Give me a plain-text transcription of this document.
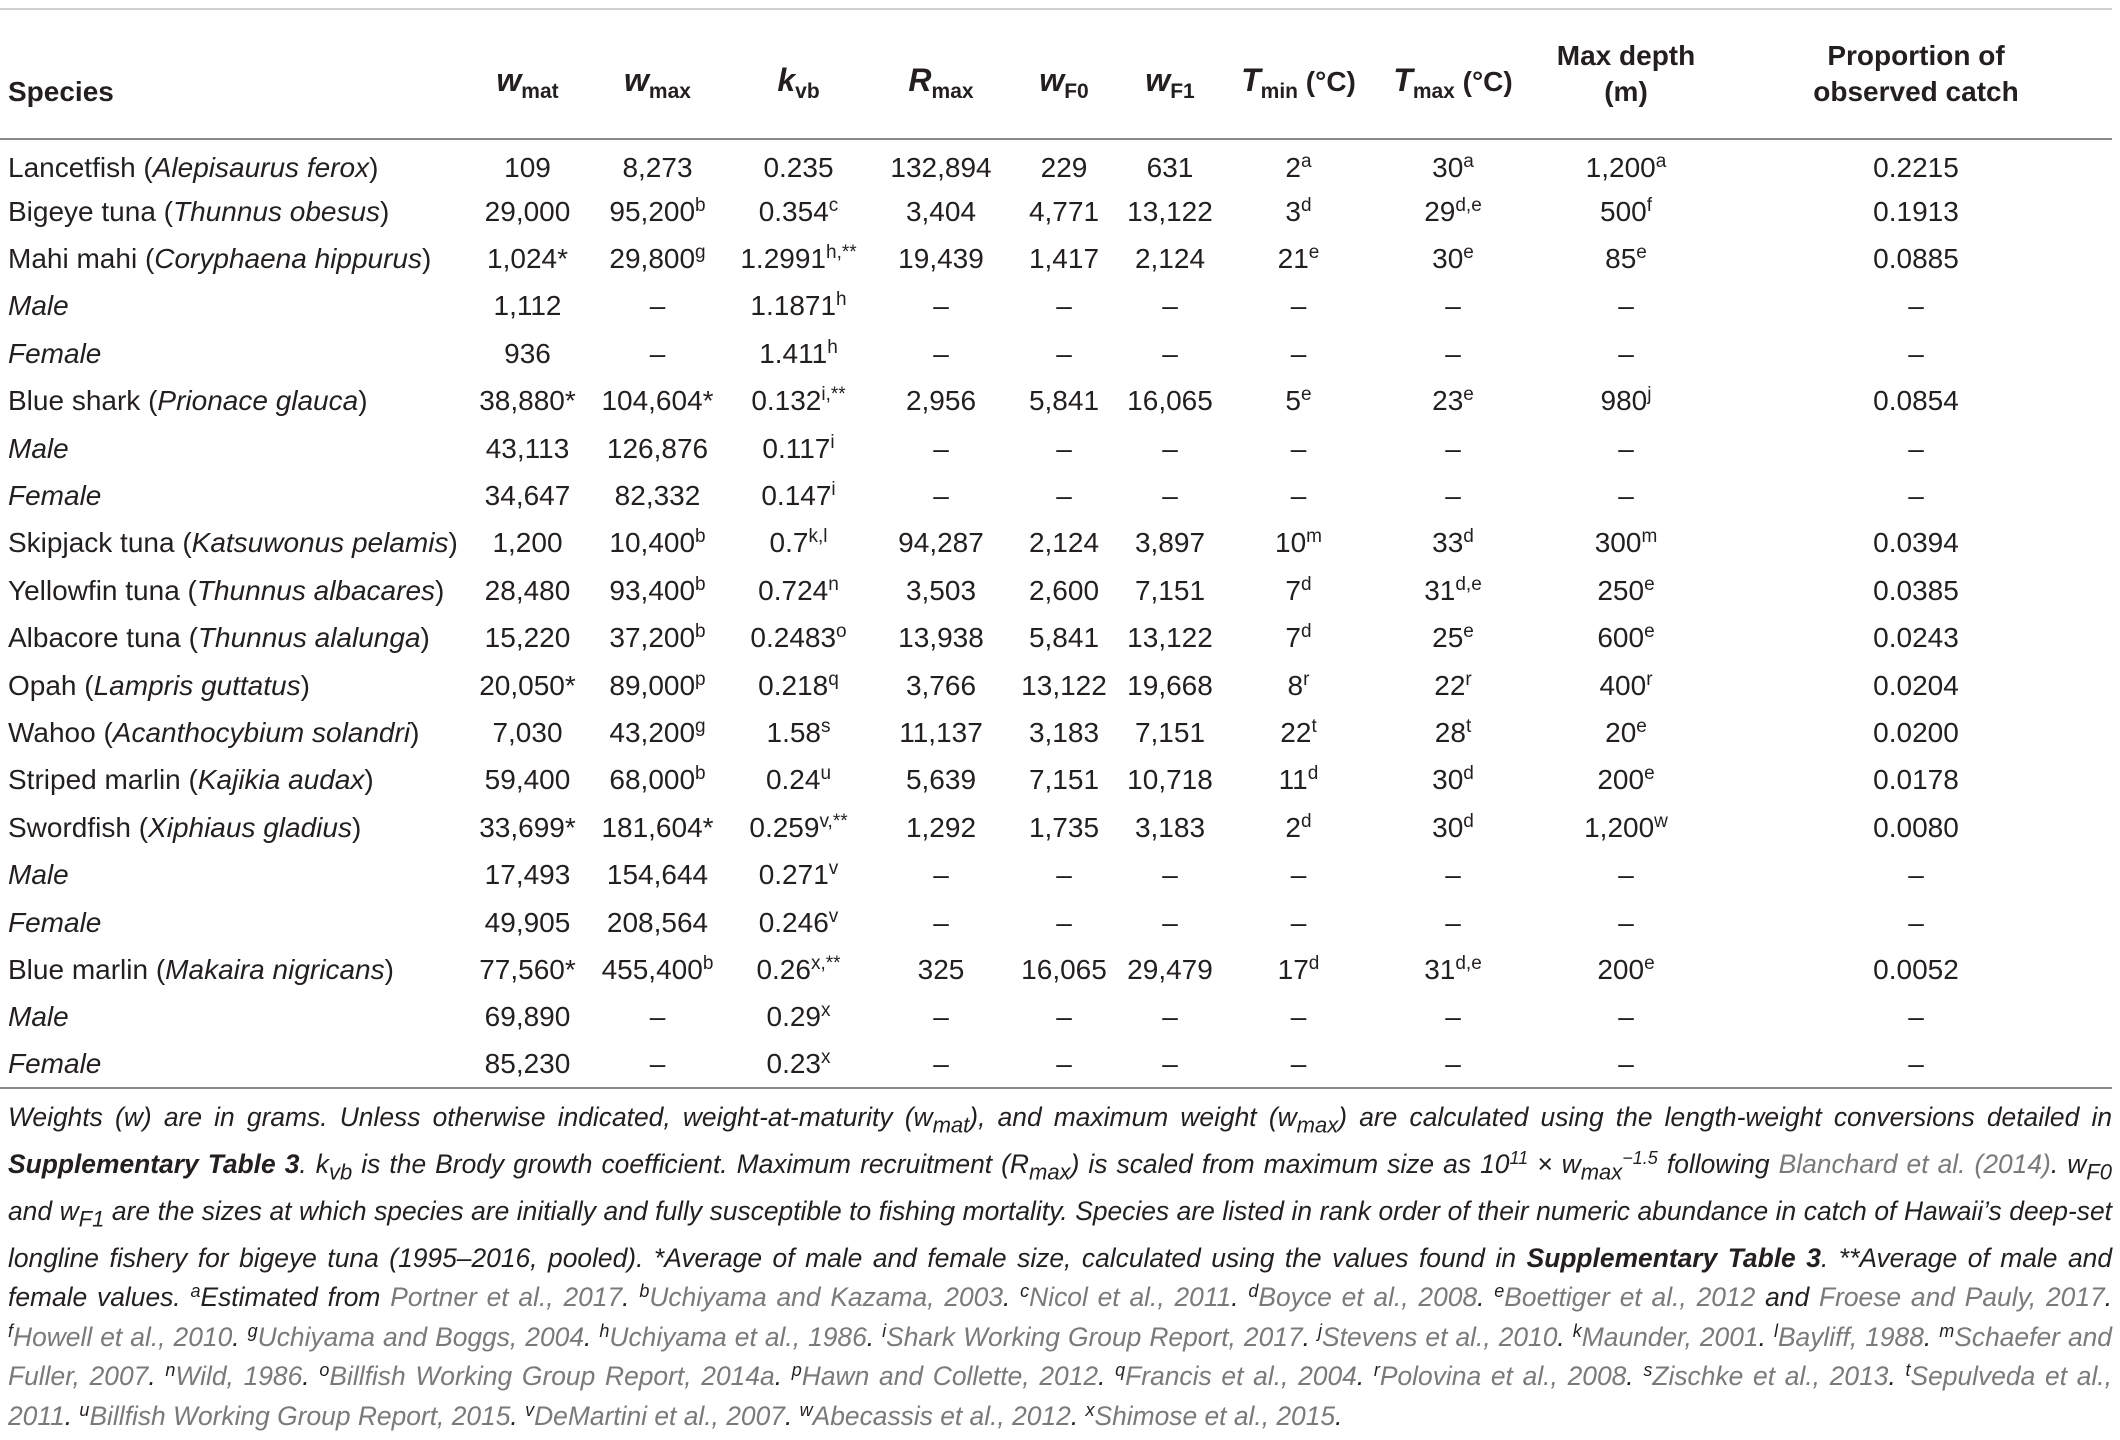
Species	$w_{mat}$	$w_{max}$	$k_{vb}$	$R_{max}$	$w_{F0}$	$w_{F1}$	$T_{min}$ (°C)	$T_{max}$ (°C)	Max depth (m)	Proportion of
observed catch
Lancetfish (Alepisaurus ferox)	109	8,273	0.235	132,894	229	631	2$^a$	30$^a$	1,200$^a$	0.2215
Bigeye tuna (Thunnus obesus)	29,000	95,200$^b$	0.354$^c$	3,404	4,771	13,122	3$^d$	29$^{d,e}$	500$^f$	0.1913
Mahi mahi (Coryphaena hippurus)	1,024*	29,800$^g$	$1.2991^{h,**}$	19,439	1,417	2,124	21e	30e	85e	0.0885
Male	1,112	–	1.1871$^h$	–	–	–	–	–	–	–
Female	936	–	1.411$^h$	–	–	–	–	–	–	–
Blue shark (Prionace glauca)	38,880*	104,604*	$0.132^{i,**}$	2,956	5,841	16,065	5e	23e	980$^j$	0.0854
Male	43,113	126,876	0.117$^i$	–	–	–	–	–	–	–
Female	34,647	82,332	0.147$^i$	–	–	–	–	–	–	–
Skipjack tuna (Katsuwonus pelamis)	1,200	10,400$^b$	0.7$^{k,l}$	94,287	2,124	3,897	10$^m$	33$^d$	300$^m$	0.0394
Yellowfin tuna (Thunnus albacares)	28,480	93,400$^b$	0.724$^n$	3,503	2,600	7,151	7$^d$	31$^{d,e}$	250e	0.0385
Albacore tuna (Thunnus alalunga)	15,220	37,200$^b$	0.2483$^o$	13,938	5,841	13,122	7$^d$	25e	600e	0.0243
Opah (Lampris guttatus)	20,050*	89,000$^p$	0.218$^q$	3,766	13,122	19,668	8$^r$	22$^r$	400$^r$	0.0204
Wahoo (Acanthocybium solandri)	7,030	43,200$^g$	1.58$^s$	11,137	3,183	7,151	22$^t$	28$^t$	20e	0.0200
Striped marlin (Kajikia audax)	59,400	68,000$^b$	0.24$^u$	5,639	7,151	10,718	11$^d$	30$^d$	200e	0.0178
Swordfish (Xiphiaus gladius)	33,699*	181,604*	$0.259^{v,**}$	1,292	1,735	3,183	2$^d$	30$^d$	1,200$^w$	0.0080
Male	17,493	154,644	0.271$^v$	–	–	–	–	–	–	–
Female	49,905	208,564	0.246$^v$	–	–	–	–	–	–	–
Blue marlin (Makaira nigricans)	77,560*	455,400$^b$	$0.26^{x,**}$	325	16,065	29,479	17$^d$	31$^{d,e}$	200e	0.0052
Male	69,890	–	0.29$^x$	–	–	–	–	–	–	–
Female	85,230	–	0.23$^x$	–	–	–	–	–	–	–
Weights (w) are in grams. Unless otherwise indicated, weight-at-maturity $(w_{mat})$, and maximum weight $(w_{max})$ are calculated using the length-weight conversions detailed in Supplementary Table 3. $k_{vb}$ is the Brody growth coefficient. Maximum recruitment $(R_{max})$ is scaled from maximum size as $10^{11} \times w_{max}^{-1.5}$ following Blanchard et al. (2014). $w_{F0}$ and $w_{F1}$ are the sizes at which species are initially and fully susceptible to fishing mortality. Species are listed in rank order of their numeric abundance in catch of Hawaii’s deep-set longline fishery for bigeye tuna (1995–2016, pooled). *Average of male and female size, calculated using the values found in Supplementary Table 3. **Average of male and female values. $^a$Estimated from Portner et al., 2017. $^b$Uchiyama and Kazama, 2003. $^c$Nicol et al., 2011. $^d$Boyce et al., 2008. $^e$Boettiger et al., 2012 and Froese and Pauly, 2017. $^f$Howell et al., 2010. $^g$Uchiyama and Boggs, 2004. $^h$Uchiyama et al., 1986. $^i$Shark Working Group Report, 2017. $^j$Stevens et al., 2010. $^k$Maunder, 2001. $^l$Bayliff, 1988. $^m$Schaefer and Fuller, 2007. $^n$Wild, 1986. $^o$Billfish Working Group Report, 2014a. $^p$Hawn and Collette, 2012. $^q$Francis et al., 2004. $^r$Polovina et al., 2008. $^s$Zischke et al., 2013. $^t$Sepulveda et al., 2011. $^u$Billfish Working Group Report, 2015. $^v$DeMartini et al., 2007. $^w$Abecassis et al., 2012. $^x$Shimose et al., 2015.
